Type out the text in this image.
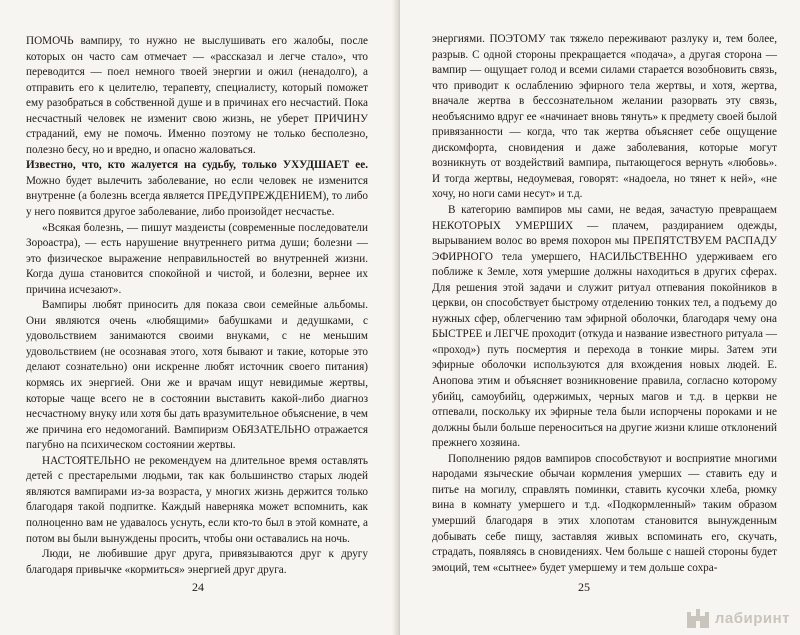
ПОМОЧЬ вампиру, то нужно не выслушивать его жалобы, после которых он часто сам отмечает — «рассказал и легче стало», что переводится — поел немного твоей энергии и ожил (ненадолго), а отправить его к целителю, терапевту, специалисту, который поможет ему разобраться в собственной душе и в причинах его несчастий. Пока несчастный человек не изменит свою жизнь, не уберет ПРИЧИНУ страданий, ему не помочь. Именно поэтому не только бесполезно, полезно бесу, но и вредно, и опасно жаловаться.

Известно, что, кто жалуется на судьбу, только УХУДШАЕТ ее. Можно будет вылечить заболевание, но если человек не изменится внутренне (а болезнь всегда является ПРЕДУПРЕЖДЕНИЕМ), то либо у него появится другое заболевание, либо произойдет несчастье.

«Всякая болезнь, — пишут маздеисты (современные последователи Зороастра), — есть нарушение внутреннего ритма души; болезни — это физическое выражение неправильностей во внутренней жизни. Когда душа становится спокойной и чистой, и болезни, вернее их причина исчезают».

Вампиры любят приносить для показа свои семейные альбомы. Они являются очень «любящими» бабушками и дедушками, с удовольствием занимаются своими внуками, с не меньшим удовольствием (не осознавая этого, хотя бывают и такие, которые это делают сознательно) они искренне любят источник своего питания) кормясь их энергией. Они же и врачам ищут невидимые жертвы, которые чаще всего не в состоянии выставить какой-либо диагноз несчастному внуку или хотя бы дать вразумительное объяснение, в чем же причина его недомоганий. Вампиризм ОБЯЗАТЕЛЬНО отражается пагубно на психическом состоянии жертвы.

НАСТОЯТЕЛЬНО не рекомендуем на длительное время оставлять детей с престарелыми людьми, так как большинство старых людей являются вампирами из-за возраста, у многих жизнь держится только благодаря такой подпитке. Каждый наверняка может вспомнить, как полноценно вам не удавалось уснуть, если кто-то был в этой комнате, а потом вы были вынуждены просить, чтобы они оставались на ночь.

Люди, не любившие друг друга, привязываются друг к другу благодаря привычке «кормиться» энергией друг друга.

24

энергиями. ПОЭТОМУ так тяжело переживают разлуку и, тем более, разрыв. С одной стороны прекращается «подача», а другая сторона — вампир — ощущает голод и всеми силами старается возобновить связь, что приводит к ослаблению эфирного тела жертвы, и хотя, жертва, вначале жертва в бессознательном желании разорвать эту связь, необъяснимо вдруг ее «начинает вновь тянуть» к предмету своей былой привязанности — когда, что так жертва объясняет себе ощущение дискомфорта, сновидения и даже заболевания, которые могут возникнуть от воздействий вампира, пытающегося вернуть «любовь». И тогда жертвы, недоумевая, говорят: «надоела, но тянет к ней», «не хочу, но ноги сами несут» и т.д.

В категорию вампиров мы сами, не ведая, зачастую превращаем НЕКОТОРЫХ УМЕРШИХ — плачем, раздиранием одежды, вырыванием волос во время похорон мы ПРЕПЯТСТВУЕМ РАСПАДУ ЭФИРНОГО тела умершего, НАСИЛЬСТВЕННО удерживаем его поближе к Земле, хотя умершие должны находиться в других сферах. Для решения этой задачи и служит ритуал отпевания покойников в церкви, он способствует быстрому отделению тонких тел, а подъему до нужных сфер, облегчению там эфирной оболочки, благодаря чему она БЫСТРЕЕ и ЛЕГЧЕ проходит (откуда и название известного ритуала — «проход») путь посмертия и перехода в тонкие миры. Затем эти эфирные оболочки используются для вхождения новых людей. Е. Анопова этим и объясняет возникновение правила, согласно которому убийц, самоубийц, одержимых, черных магов и т.д. в церкви не отпевали, поскольку их эфирные тела были испорчены пороками и не должны были больше переноситься на другие жизни клише отклонений прежнего хозяина.

Пополнению рядов вампиров способствуют и восприятие многими народами языческие обычаи кормления умерших — ставить еду и питье на могилу, справлять поминки, ставить кусочки хлеба, рюмку вина в комнату умершего и т.д. «Подкормленный» таким образом умерший благодаря в этих хлопотам становится вынужденным добывать себе пищу, заставляя живых вспоминать его, скучать, страдать, появляясь в сновидениях. Чем больше с нашей стороны будет эмоций, тем «сытнее» будет умершему и тем дольше сохра-

25
лабиринт
